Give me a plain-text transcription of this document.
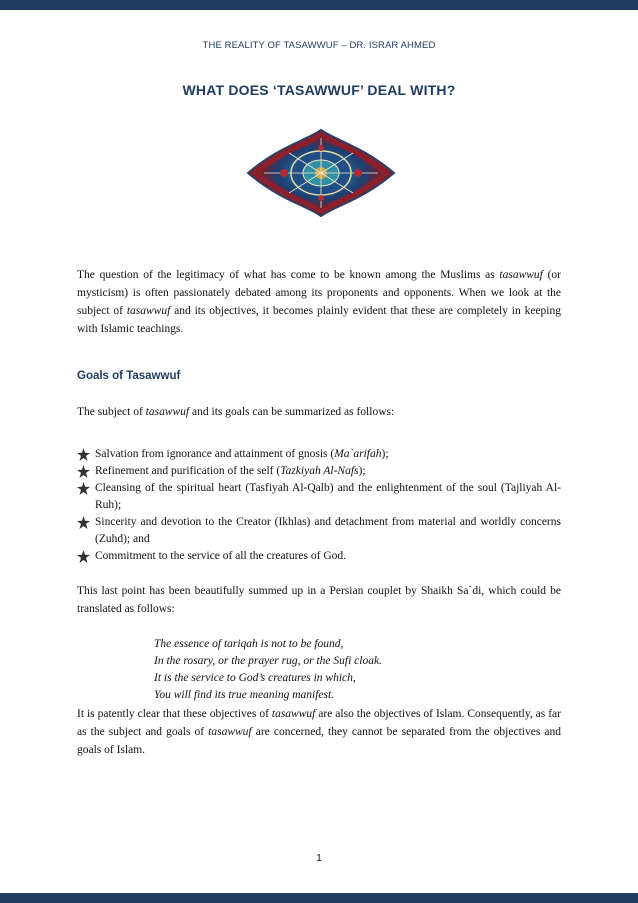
THE REALITY OF TASAWWUF – DR. ISRAR AHMED
WHAT DOES ‘TASAWWUF’ DEAL WITH?
The question of the legitimacy of what has come to be known among the Muslims as tasawwuf (or mysticism) is often passionately debated among its proponents and opponents. When we look at the subject of tasawwuf and its objectives, it becomes plainly evident that these are completely in keeping with Islamic teachings.
Goals of Tasawwuf
The subject of tasawwuf and its goals can be summarized as follows:
Salvation from ignorance and attainment of gnosis (Ma`arifah);
Refinement and purification of the self (Tazkiyah Al-Nafs);
Cleansing of the spiritual heart (Tasfiyah Al-Qalb) and the enlightenment of the soul (Tajliyah Al-Ruh);
Sincerity and devotion to the Creator (Ikhlas) and detachment from material and worldly concerns (Zuhd); and
Commitment to the service of all the creatures of God.
This last point has been beautifully summed up in a Persian couplet by Shaikh Sa`di, which could be translated as follows:
The essence of tariqah is not to be found,
In the rosary, or the prayer rug, or the Sufi cloak.
It is the service to God’s creatures in which,
You will find its true meaning manifest.
It is patently clear that these objectives of tasawwuf are also the objectives of Islam. Consequently, as far as the subject and goals of tasawwuf are concerned, they cannot be separated from the objectives and goals of Islam.
1
